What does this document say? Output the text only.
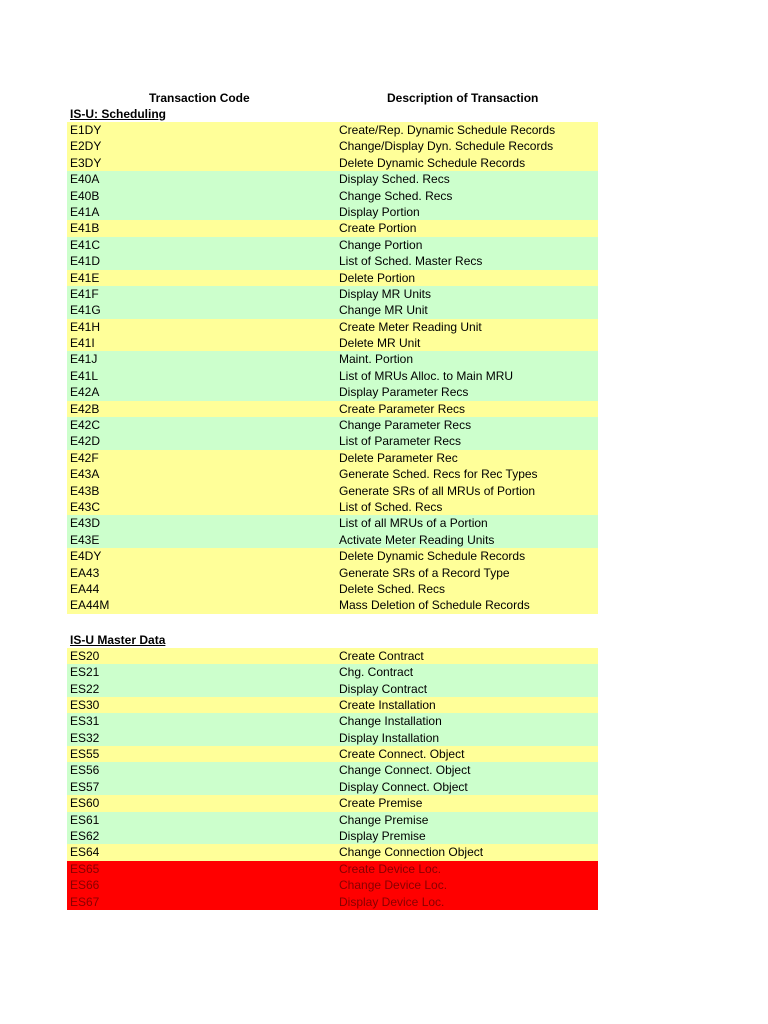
Transaction Code	Description of Transaction
IS-U: Scheduling
E1DY	Create/Rep. Dynamic Schedule Records
E2DY	Change/Display Dyn. Schedule Records
E3DY	Delete Dynamic Schedule Records
E40A	Display Sched. Recs
E40B	Change Sched. Recs
E41A	Display Portion
E41B	Create Portion
E41C	Change Portion
E41D	List of Sched. Master Recs
E41E	Delete Portion
E41F	Display MR Units
E41G	Change MR Unit
E41H	Create Meter Reading Unit
E41I	Delete MR Unit
E41J	Maint. Portion
E41L	List of MRUs Alloc. to Main MRU
E42A	Display Parameter Recs
E42B	Create Parameter Recs
E42C	Change Parameter Recs
E42D	List of Parameter Recs
E42F	Delete Parameter Rec
E43A	Generate Sched. Recs for Rec Types
E43B	Generate SRs of all MRUs of Portion
E43C	List of Sched. Recs
E43D	List of all MRUs of a Portion
E43E	Activate Meter Reading Units
E4DY	Delete Dynamic Schedule Records
EA43	Generate SRs of a Record Type
EA44	Delete Sched. Recs
EA44M	Mass Deletion of Schedule Records
IS-U Master Data
ES20	Create Contract
ES21	Chg. Contract
ES22	Display Contract
ES30	Create Installation
ES31	Change Installation
ES32	Display Installation
ES55	Create Connect. Object
ES56	Change Connect. Object
ES57	Display Connect. Object
ES60	Create Premise
ES61	Change Premise
ES62	Display Premise
ES64	Change Connection Object
ES65	Create Device Loc.
ES66	Change Device Loc.
ES67	Display Device Loc.
